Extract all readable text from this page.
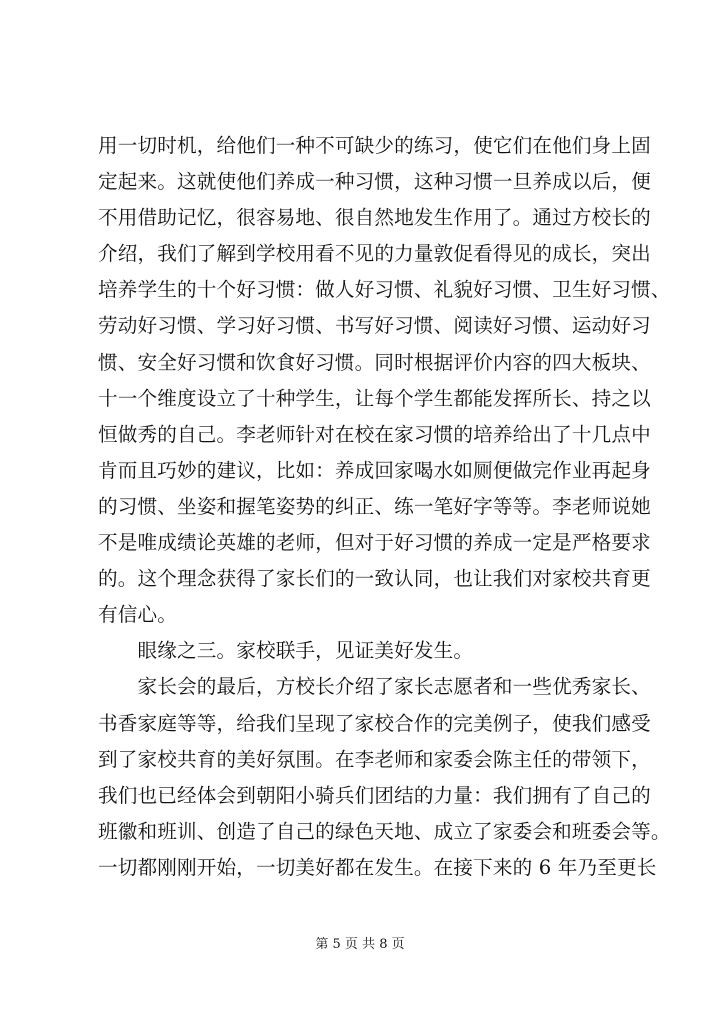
用一切时机，给他们一种不可缺少的练习，使它们在他们身上固
定起来。这就使他们养成一种习惯，这种习惯一旦养成以后，便
不用借助记忆，很容易地、很自然地发生作用了。通过方校长的
介绍，我们了解到学校用看不见的力量敦促看得见的成长，突出
培养学生的十个好习惯：做人好习惯、礼貌好习惯、卫生好习惯、
劳动好习惯、学习好习惯、书写好习惯、阅读好习惯、运动好习
惯、安全好习惯和饮食好习惯。同时根据评价内容的四大板块、
十一个维度设立了十种学生，让每个学生都能发挥所长、持之以
恒做秀的自己。李老师针对在校在家习惯的培养给出了十几点中
肯而且巧妙的建议，比如：养成回家喝水如厕便做完作业再起身
的习惯、坐姿和握笔姿势的纠正、练一笔好字等等。李老师说她
不是唯成绩论英雄的老师，但对于好习惯的养成一定是严格要求
的。这个理念获得了家长们的一致认同，也让我们对家校共育更
有信心。
　　眼缘之三。家校联手，见证美好发生。
　　家长会的最后，方校长介绍了家长志愿者和一些优秀家长、
书香家庭等等，给我们呈现了家校合作的完美例子，使我们感受
到了家校共育的美好氛围。在李老师和家委会陈主任的带领下，
我们也已经体会到朝阳小骑兵们团结的力量：我们拥有了自己的
班徽和班训、创造了自己的绿色天地、成立了家委会和班委会等。
一切都刚刚开始，一切美好都在发生。在接下来的 6 年乃至更长
第 5 页 共 8 页
